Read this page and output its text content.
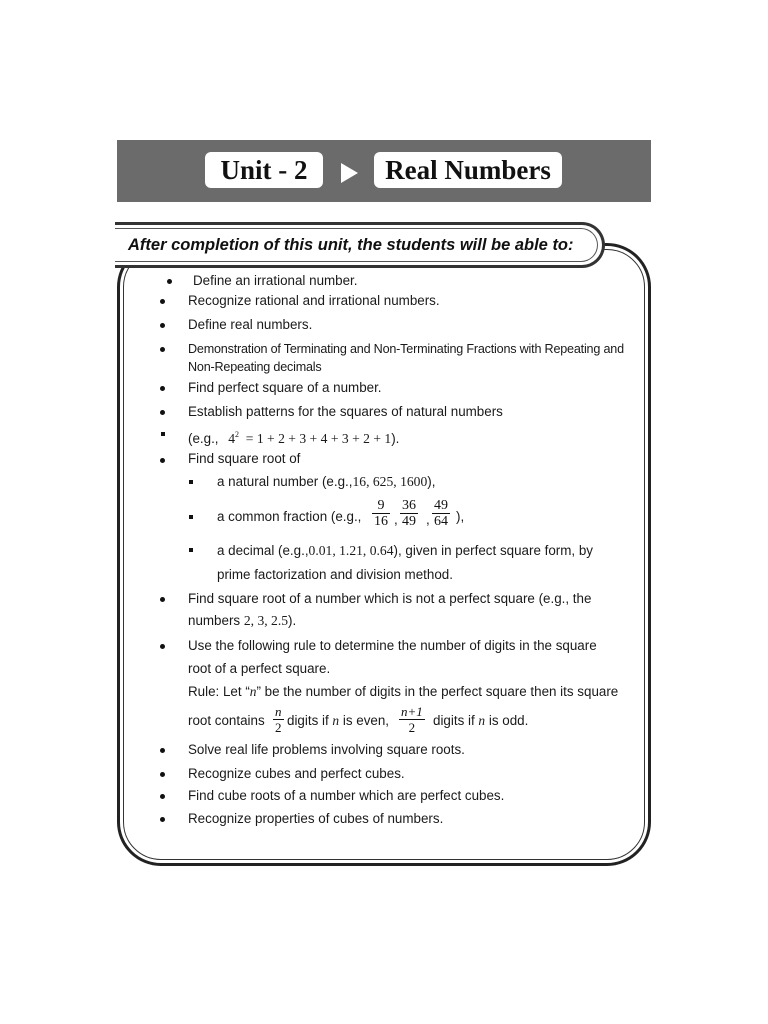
Unit - 2	Real Numbers
After completion of this unit, the students will be able to:
Define an irrational number.
Recognize rational and irrational numbers.
Define real numbers.
Demonstration of Terminating and Non-Terminating Fractions with Repeating and
Non-Repeating decimals
Find perfect square of a number.
Establish patterns for the squares of natural numbers
(e.g., $4^2 = 1 + 2 + 3 + 4 + 3 + 2 + 1$).
Find square root of
a natural number (e.g.,16, 625, 1600),
a common fraction (e.g., $\frac{9}{16}$ , $\frac{36}{49}$ , $\frac{49}{64}$ ),
a decimal (e.g.,0.01, 1.21, 0.64), given in perfect square form, by
prime factorization and division method.
Find square root of a number which is not a perfect square (e.g., the
numbers 2, 3, 2.5).
Use the following rule to determine the number of digits in the square
root of a perfect square.
Rule: Let “n” be the number of digits in the perfect square then its square
root contains $\frac{n}{2}$ digits if n is even, $\frac{n+1}{2}$ digits if n is odd.
Solve real life problems involving square roots.
Recognize cubes and perfect cubes.
Find cube roots of a number which are perfect cubes.
Recognize properties of cubes of numbers.
